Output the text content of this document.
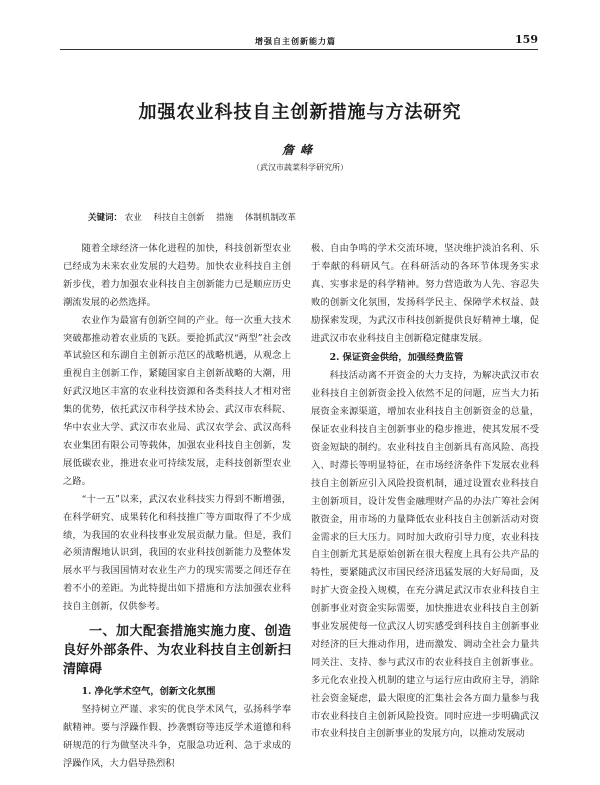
增强自主创新能力篇	159
加强农业科技自主创新措施与方法研究
詹峰
（武汉市蔬菜科学研究所）
关键词： 农业 科技自主创新 措施 体制机制改革

随着全球经济一体化进程的加快，科技创新型农业已经成为未来农业发展的大趋势。加快农业科技自主创新步伐，着力加强农业科技自主创新能力已是顺应历史潮流发展的必然选择。

农业作为最富有创新空间的产业。每一次重大技术突破都推动着农业质的飞跃。要抢抓武汉“两型”社会改革试验区和东湖自主创新示范区的战略机遇，从观念上重视自主创新工作，紧随国家自主创新战略的大潮，用好武汉地区丰富的农业科技资源和各类科技人才相对密集的优势，依托武汉市科学技术协会、武汉市农科院、华中农业大学、武汉市农业局、武汉农学会、武汉高科农业集团有限公司等载体，加强农业科技自主创新，发展低碳农业，推进农业可持续发展，走科技创新型农业之路。

“十一五”以来，武汉农业科技实力得到不断增强，在科学研究、成果转化和科技推广等方面取得了不少成绩，为我国的农业科技事业发展贡献力量。但是，我们必须清醒地认识到，我国的农业科技创新能力及整体发展水平与我国国情对农业生产力的现实需要之间还存在着不小的差距。为此特提出如下措施和方法加强农业科技自主创新，仅供参考。

一、加大配套措施实施力度、创造良好外部条件、为农业科技自主创新扫清障碍
1. 净化学术空气，创新文化氛围

坚持树立严谨、求实的优良学术风气，弘扬科学奉献精神。要与浮躁作假、抄袭剽窃等违反学术道德和科研规范的行为做坚决斗争，克服急功近利、急于求成的浮躁作风，大力倡导热烈积

极、自由争鸣的学术交流环境，坚决维护淡泊名利、乐于奉献的科研风气。在科研活动的各环节体现务实求真、实事求是的科学精神。努力营造敢为人先、容忍失败的创新文化氛围，发扬科学民主、保障学术权益、鼓励探索发现，为武汉市科技创新提供良好精神土壤，促进武汉市农业科技自主创新稳定健康发展。

2. 保证资金供给，加强经费监管

科技活动离不开资金的大力支持，为解决武汉市农业科技自主创新资金投入依然不足的问题，应当大力拓展资金来源渠道，增加农业科技自主创新资金的总量，保证农业科技自主创新事业的稳步推进，使其发展不受资金短缺的制约。农业科技自主创新具有高风险、高投入、时滞长等明显特征，在市场经济条件下发展农业科技自主创新应引入风险投资机制，通过设置农业科技自主创新项目，设计发售金融理财产品的办法广筹社会闲散资金，用市场的力量降低农业科技自主创新活动对资金需求的巨大压力。同时加大政府引导力度，农业科技自主创新尤其是原始创新在很大程度上具有公共产品的特性，要紧随武汉市国民经济迅猛发展的大好局面，及时扩大资金投入规模，在充分满足武汉市农业科技自主创新事业对资金实际需要，加快推进农业科技自主创新事业发展使每一位武汉人切实感受到科技自主创新事业对经济的巨大推动作用，进而激发、调动全社会力量共同关注、支持、参与武汉市的农业科技自主创新事业。多元化农业投入机制的建立与运行应由政府主导，消除社会资金疑虑，最大限度的汇集社会各方面力量参与我市农业科技自主创新风险投资。同时应进一步明确武汉市农业科技自主创新事业的发展方向，以推动发展动
